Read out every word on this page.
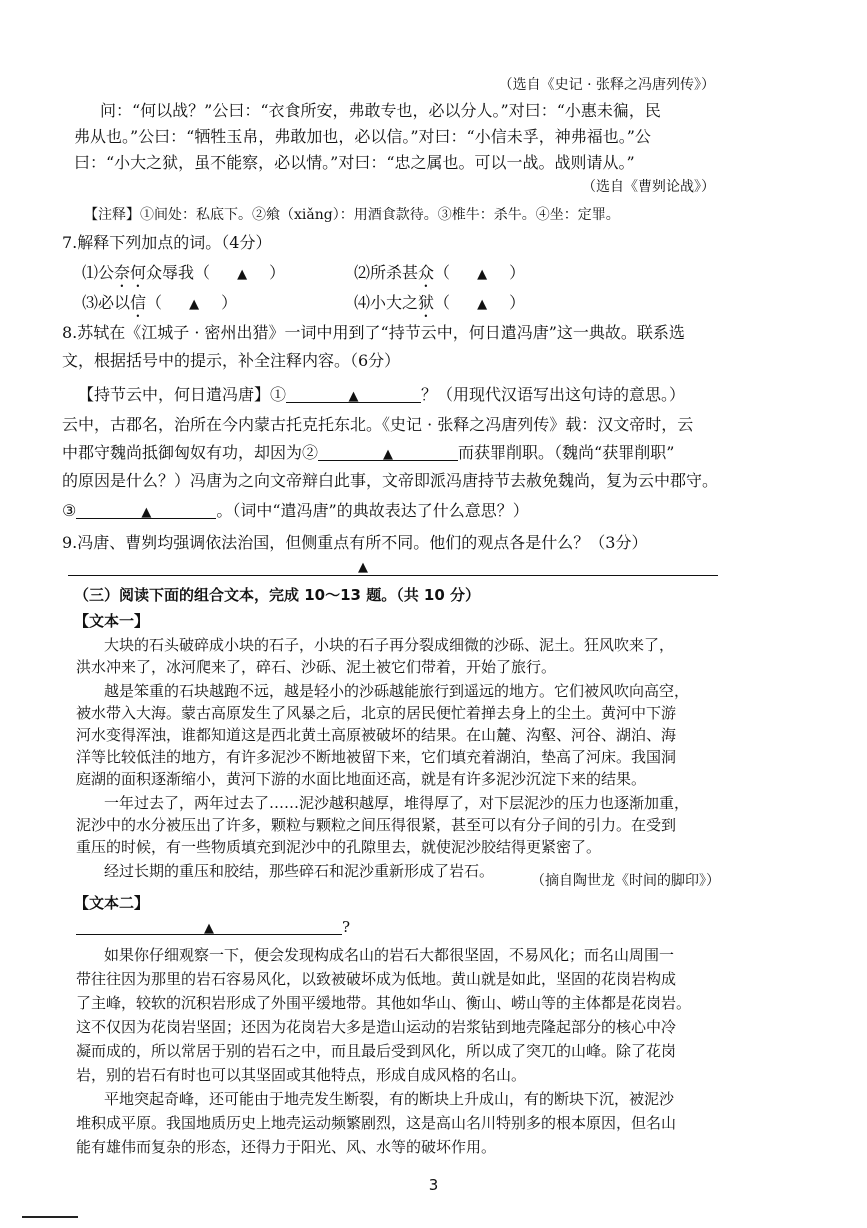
（选自《史记 · 张释之冯唐列传》）
问：“何以战？”公曰：“衣食所安，弗敢专也，必以分人。”对曰：“小惠未徧，民
弗从也。”公曰：“牺牲玉帛，弗敢加也，必以信。”对曰：“小信未孚，神弗福也。”公
曰：“小大之狱，虽不能察，必以情。”对曰：“忠之属也。可以一战。战则请从。”
（选自《曹刿论战》）
【注释】①间处：私底下。②飨（xiǎng）：用酒食款待。③椎牛：杀牛。④坐：定罪。
7.解释下列加点的词。（4分）
⑴公奈何众辱我（ ▲ ）	⑵所杀甚众（ ▲ ）
⑶必以信（ ▲ ）	⑷小大之狱（ ▲ ）
8.苏轼在《江城子 · 密州出猎》一词中用到了“持节云中，何日遣冯唐”这一典故。联系选
文，根据括号中的提示，补全注释内容。（6分）
【持节云中，何日遣冯唐】①	▲	？（用现代汉语写出这句诗的意思。）
云中，古郡名，治所在今内蒙古托克托东北。《史记 · 张释之冯唐列传》载：汉文帝时，云
中郡守魏尚抵御匈奴有功，却因为②	▲	而获罪削职。（魏尚“获罪削职”
的原因是什么？）冯唐为之向文帝辩白此事，文帝即派冯唐持节去赦免魏尚，复为云中郡守。
③	▲	。（词中“遣冯唐”的典故表达了什么意思？）
9.冯唐、曹刿均强调依法治国，但侧重点有所不同。他们的观点各是什么？（3分）
▲
（三）阅读下面的组合文本，完成 10～13 题。（共 10 分）
【文本一】
大块的石头破碎成小块的石子，小块的石子再分裂成细微的沙砾、泥土。狂风吹来了，
洪水冲来了，冰河爬来了，碎石、沙砾、泥土被它们带着，开始了旅行。
越是笨重的石块越跑不远，越是轻小的沙砾越能旅行到遥远的地方。它们被风吹向高空，
被水带入大海。蒙古高原发生了风暴之后，北京的居民便忙着掸去身上的尘土。黄河中下游
河水变得浑浊，谁都知道这是西北黄土高原被破坏的结果。在山麓、沟壑、河谷、湖泊、海
洋等比较低洼的地方，有许多泥沙不断地被留下来，它们填充着湖泊，垫高了河床。我国洞
庭湖的面积逐渐缩小，黄河下游的水面比地面还高，就是有许多泥沙沉淀下来的结果。
一年过去了，两年过去了……泥沙越积越厚，堆得厚了，对下层泥沙的压力也逐渐加重，
泥沙中的水分被压出了许多，颗粒与颗粒之间压得很紧，甚至可以有分子间的引力。在受到
重压的时候，有一些物质填充到泥沙中的孔隙里去，就使泥沙胶结得更紧密了。
经过长期的重压和胶结，那些碎石和泥沙重新形成了岩石。
（摘自陶世龙《时间的脚印》）
【文本二】
▲	?
如果你仔细观察一下，便会发现构成名山的岩石大都很坚固，不易风化；而名山周围一
带往往因为那里的岩石容易风化，以致被破坏成为低地。黄山就是如此，坚固的花岗岩构成
了主峰，较软的沉积岩形成了外围平缓地带。其他如华山、衡山、崂山等的主体都是花岗岩。
这不仅因为花岗岩坚固；还因为花岗岩大多是造山运动的岩浆钻到地壳隆起部分的核心中冷
凝而成的，所以常居于别的岩石之中，而且最后受到风化，所以成了突兀的山峰。除了花岗
岩，别的岩石有时也可以其坚固或其他特点，形成自成风格的名山。
平地突起奇峰，还可能由于地壳发生断裂，有的断块上升成山，有的断块下沉，被泥沙
堆积成平原。我国地质历史上地壳运动频繁剧烈，这是高山名川特别多的根本原因，但名山
能有雄伟而复杂的形态，还得力于阳光、风、水等的破坏作用。
3
